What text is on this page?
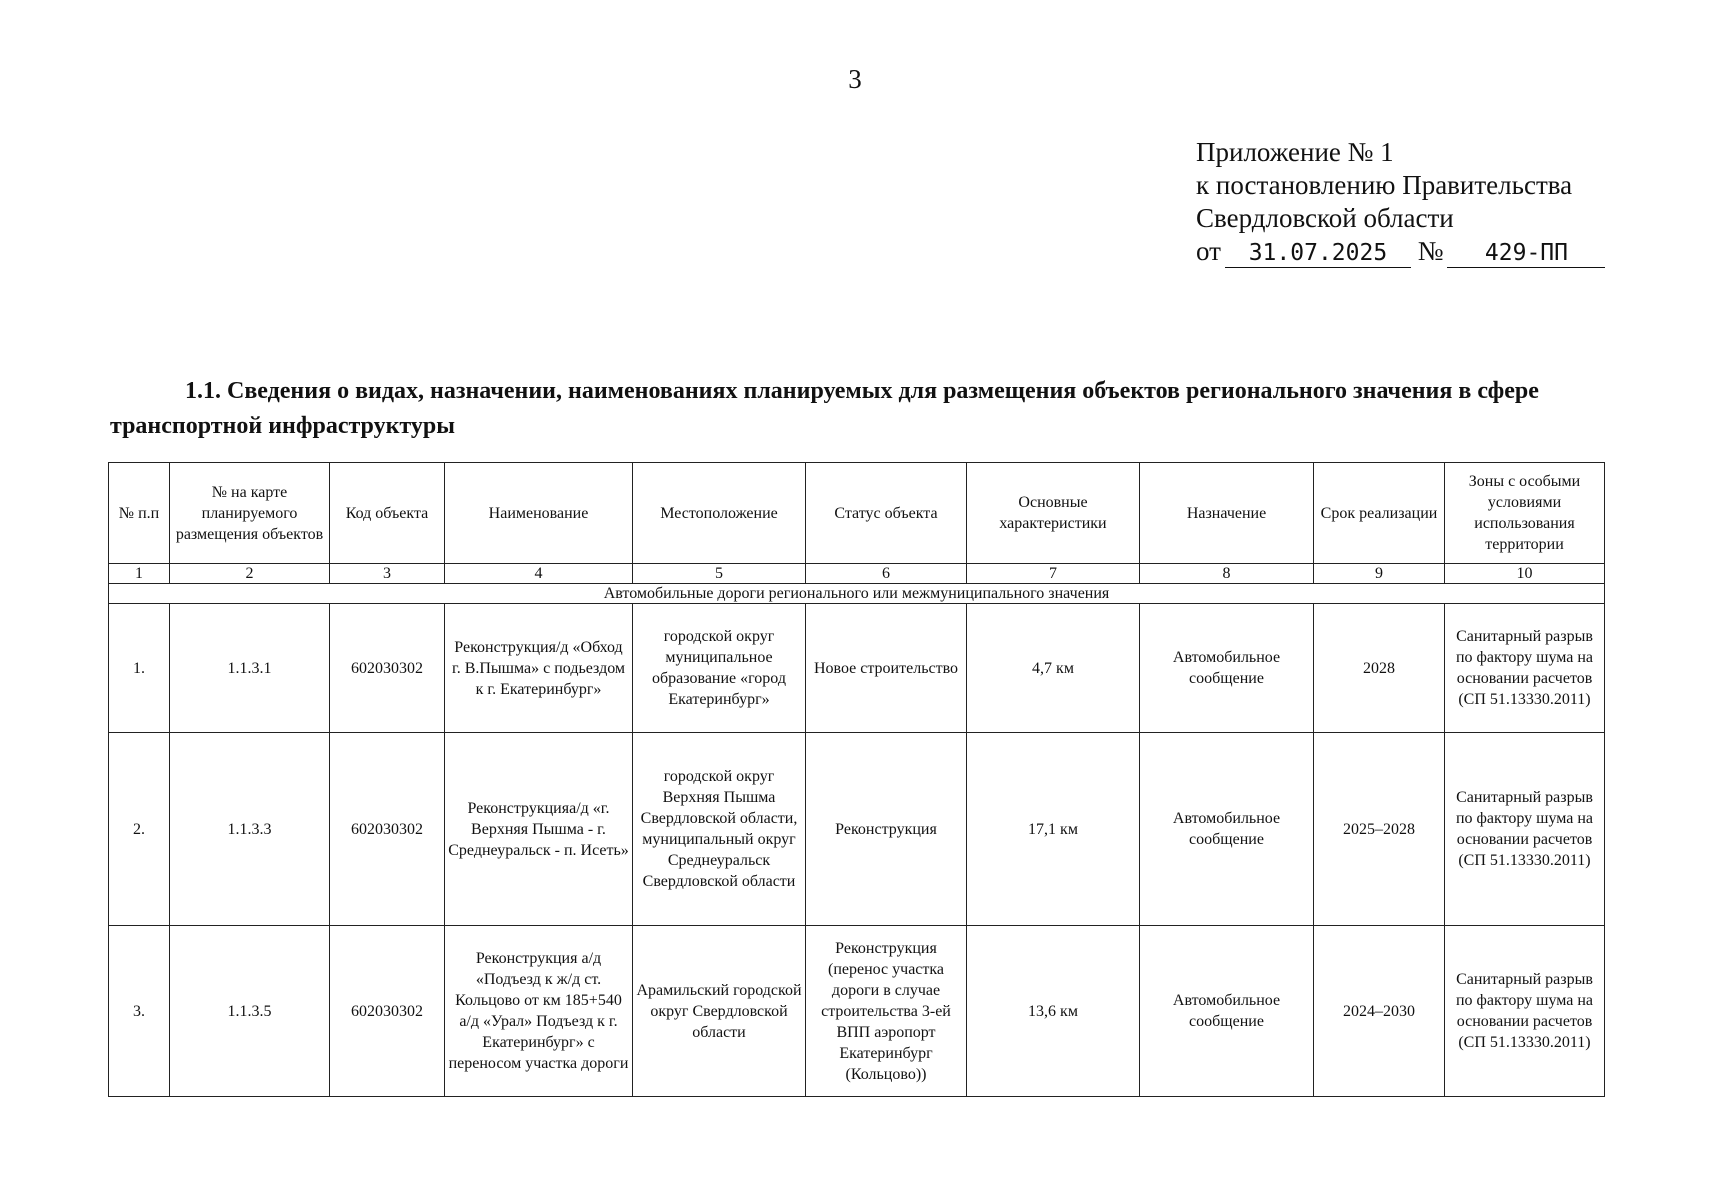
3
Приложение № 1
к постановлению Правительства
Свердловской области
от 31.07.2025 № 429-ПП
1.1. Сведения о видах, назначении, наименованиях планируемых для размещения объектов регионального значения в сфере транспортной инфраструктуры
№ п.п	№ на карте планируемого размещения объектов	Код объекта	Наименование	Местоположение	Статус объекта	Основные характеристики	Назначение	Срок реализации	Зоны с особыми условиями использования территории
1	2	3	4	5	6	7	8	9	10
Автомобильные дороги регионального или межмуниципального значения									
1.	1.1.3.1	602030302	Реконструкция/д «Обход г. В.Пышма» с подьездом к г. Екатеринбург»	городской округ муниципальное образование «город Екатеринбург»	Новое строительство	4,7 км	Автомобильное сообщение	2028	Санитарный разрыв по фактору шума на основании расчетов (СП 51.13330.2011)
2.	1.1.3.3	602030302	Реконструкцияа/д «г. Верхняя Пышма - г. Среднеуральск - п. Исеть»	городской округ Верхняя Пышма Свердловской области, муниципальный округ Среднеуральск Свердловской области	Реконструкция	17,1 км	Автомобильное сообщение	2025–2028	Санитарный разрыв по фактору шума на основании расчетов (СП 51.13330.2011)
3.	1.1.3.5	602030302	Реконструкция а/д «Подъезд к ж/д ст. Кольцово от км 185+540 а/д «Урал» Подъезд к г. Екатеринбург» с переносом участка дороги	Арамильский городской округ Свердловской области	Реконструкция (перенос участка дороги в случае строительства 3-ей ВПП аэропорт Екатеринбург (Кольцово))	13,6 км	Автомобильное сообщение	2024–2030	Санитарный разрыв по фактору шума на основании расчетов (СП 51.13330.2011)
